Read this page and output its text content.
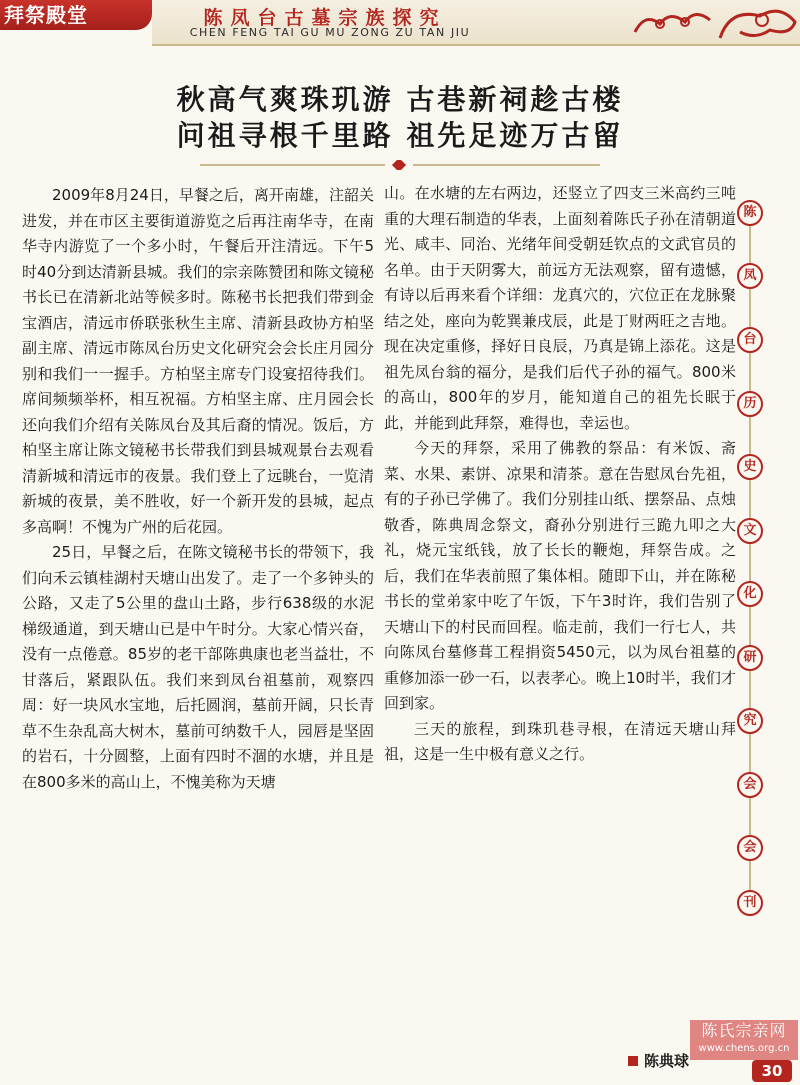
拜祭殿堂	陈凤台古墓宗族探究
CHEN FENG TAI GU MU ZONG ZU TAN JIU
秋高气爽珠玑游 古巷新祠趁古楼
问祖寻根千里路 祖先足迹万古留

2009年8月24日，早餐之后，离开南雄，注韶关进发，并在市区主要街道游览之后再注南华寺，在南华寺内游览了一个多小时，午餐后开注清远。下午5时40分到达清新县城。我们的宗亲陈赞团和陈文镜秘书长已在清新北站等候多时。陈秘书长把我们带到金宝酒店，清远市侨联张秋生主席、清新县政协方柏坚副主席、清远市陈凤台历史文化研究会会长庄月园分别和我们一一握手。方柏坚主席专门设宴招待我们。席间频频举杯，相互祝福。方柏坚主席、庄月园会长还向我们介绍有关陈凤台及其后裔的情况。饭后，方柏坚主席让陈文镜秘书长带我们到县城观景台去观看清新城和清远市的夜景。我们登上了远眺台，一览清新城的夜景，美不胜收，好一个新开发的县城，起点多高啊！不愧为广州的后花园。

25日，早餐之后，在陈文镜秘书长的带领下，我们向禾云镇桂湖村天塘山出发了。走了一个多钟头的公路，又走了5公里的盘山土路，步行638级的水泥梯级通道，到天塘山已是中午时分。大家心情兴奋，没有一点倦意。85岁的老干部陈典康也老当益壮，不甘落后，紧跟队伍。我们来到凤台祖墓前，观察四周：好一块风水宝地，后托圆润，墓前开阔，只长青草不生杂乱高大树木，墓前可纳数千人，园唇是坚固的岩石，十分圆整，上面有四时不涸的水塘，并且是在800多米的高山上，不愧美称为天塘

山。在水塘的左右两边，还竖立了四支三米高约三吨重的大理石制造的华表，上面刻着陈氏子孙在清朝道光、咸丰、同治、光绪年间受朝廷钦点的文武官员的名单。由于天阴雾大，前远方无法观察，留有遗憾，有诗以后再来看个详细：龙真穴的，穴位正在龙脉聚结之处，座向为乾巽兼戌辰，此是丁财两旺之吉地。现在决定重修，择好日良辰，乃真是锦上添花。这是祖先凤台翁的福分，是我们后代子孙的福气。800米的高山，800年的岁月，能知道自己的祖先长眠于此，并能到此拜祭，难得也，幸运也。

今天的拜祭，采用了佛教的祭品：有米饭、斋菜、水果、素饼、凉果和清茶。意在告慰凤台先祖，有的子孙已学佛了。我们分别挂山纸、摆祭品、点烛敬香，陈典周念祭文，裔孙分别进行三跪九叩之大礼，烧元宝纸钱，放了长长的鞭炮，拜祭告成。之后，我们在华表前照了集体相。随即下山，并在陈秘书长的堂弟家中吃了午饭，下午3时许，我们告别了天塘山下的村民而回程。临走前，我们一行七人，共向陈凤台墓修葺工程捐资5450元，以为凤台祖墓的重修加添一砂一石，以表孝心。晚上10时半，我们才回到家。

三天的旅程，到珠玑巷寻根，在清远天塘山拜祖，这是一生中极有意义之行。

陈
凤
台
历
史
文
化
研
究
会
会
刊
陈典球
陈氏宗亲网
www.chens.org.cn
30
